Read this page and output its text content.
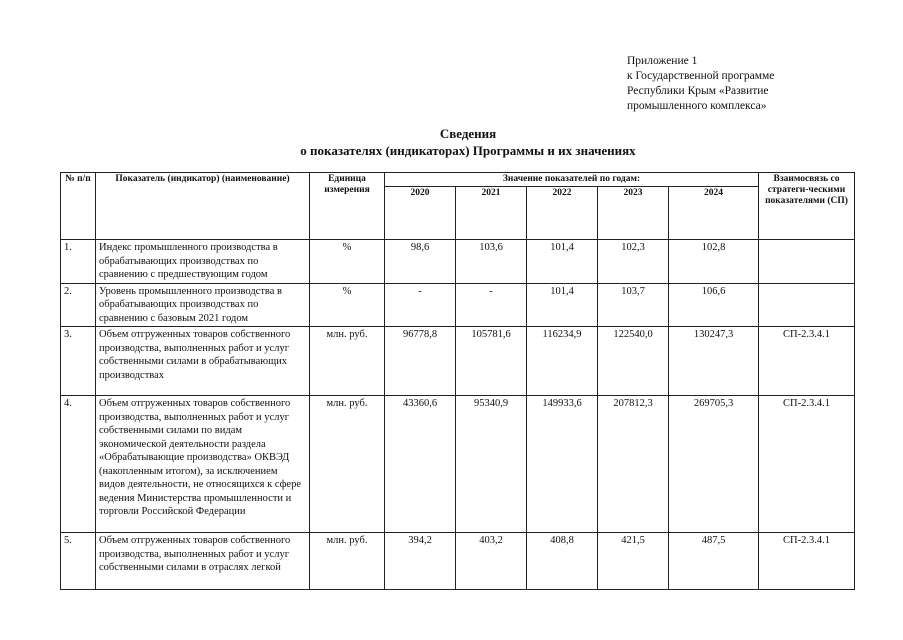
Приложение 1
к Государственной программе
Республики Крым «Развитие
промышленного комплекса»
Сведения
о показателях (индикаторах) Программы и их значениях
№ п/п	Показатель (индикатор) (наименование)	Единица измерения	Значение показателей по годам:					Взаимосвязь со стратеги-ческими показателями (СП)
			2020	2021	2022	2023	2024	
1.	Индекс промышленного производства в обрабатывающих производствах по сравнению с предшествующим годом	%	98,6	103,6	101,4	102,3	102,8	
2.	Уровень промышленного производства в обрабатывающих производствах по сравнению с базовым 2021 годом	%	-	-	101,4	103,7	106,6	
3.	Объем отгруженных товаров собственного производства, выполненных работ и услуг собственными силами в обрабатывающих производствах	млн. руб.	96778,8	105781,6	116234,9	122540,0	130247,3	СП-2.3.4.1
4.	Объем отгруженных товаров собственного производства, выполненных работ и услуг собственными силами по видам экономической деятельности раздела «Обрабатывающие производства» ОКВЭД (накопленным итогом), за исключением видов деятельности, не относящихся к сфере ведения Министерства промышленности и торговли Российской Федерации	млн. руб.	43360,6	95340,9	149933,6	207812,3	269705,3	СП-2.3.4.1
5.	Объем отгруженных товаров собственного производства, выполненных работ и услуг собственными силами в отраслях легкой	млн. руб.	394,2	403,2	408,8	421,5	487,5	СП-2.3.4.1
